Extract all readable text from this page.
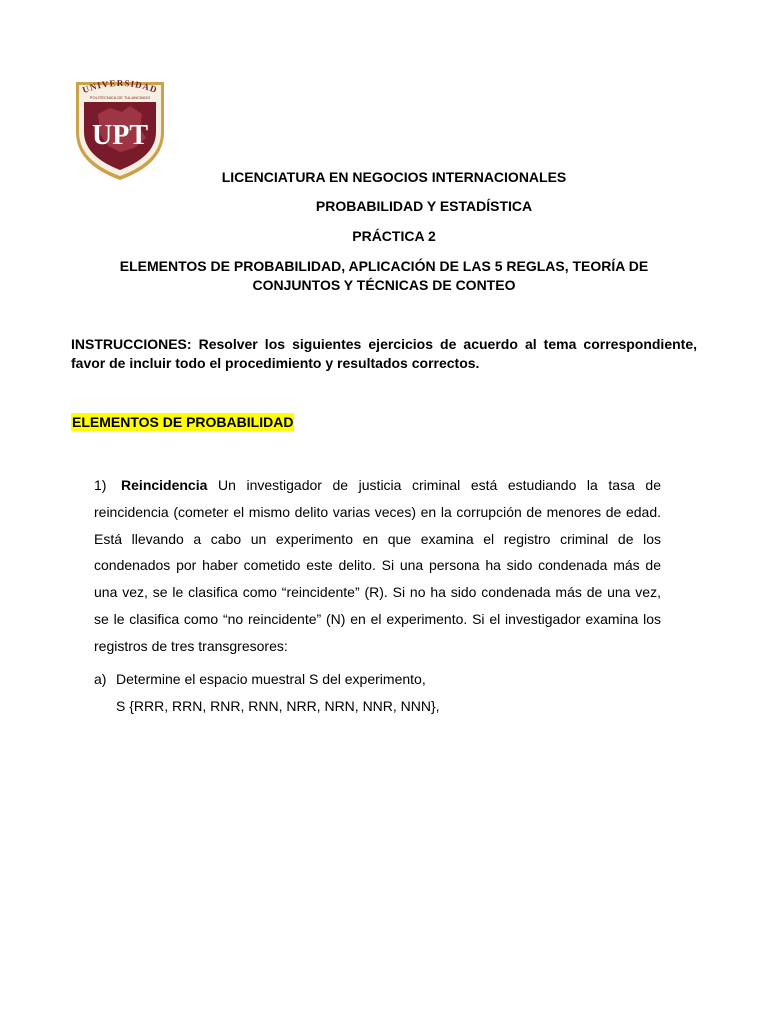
UPT
UNIVERSIDAD
POLITÉCNICA DE TULANCINGO

LICENCIATURA EN NEGOCIOS INTERNACIONALES

PROBABILIDAD Y ESTADÍSTICA

PRÁCTICA 2

ELEMENTOS DE PROBABILIDAD, APLICACIÓN DE LAS 5 REGLAS, TEORÍA DE

CONJUNTOS Y TÉCNICAS DE CONTEO

INSTRUCCIONES: Resolver los siguientes ejercicios de acuerdo al tema correspondiente, favor de incluir todo el procedimiento y resultados correctos.

ELEMENTOS DE PROBABILIDAD

1) Reincidencia Un investigador de justicia criminal está estudiando la tasa de reincidencia (cometer el mismo delito varias veces) en la corrupción de menores de edad. Está llevando a cabo un experimento en que examina el registro criminal de los condenados por haber cometido este delito. Si una persona ha sido condenada más de una vez, se le clasifica como “reincidente” (R). Si no ha sido condenada más de una vez, se le clasifica como “no reincidente” (N) en el experimento. Si el investigador examina los registros de tres transgresores:

a) Determine el espacio muestral S del experimento,

S {RRR, RRN, RNR, RNN, NRR, NRN, NNR, NNN},
